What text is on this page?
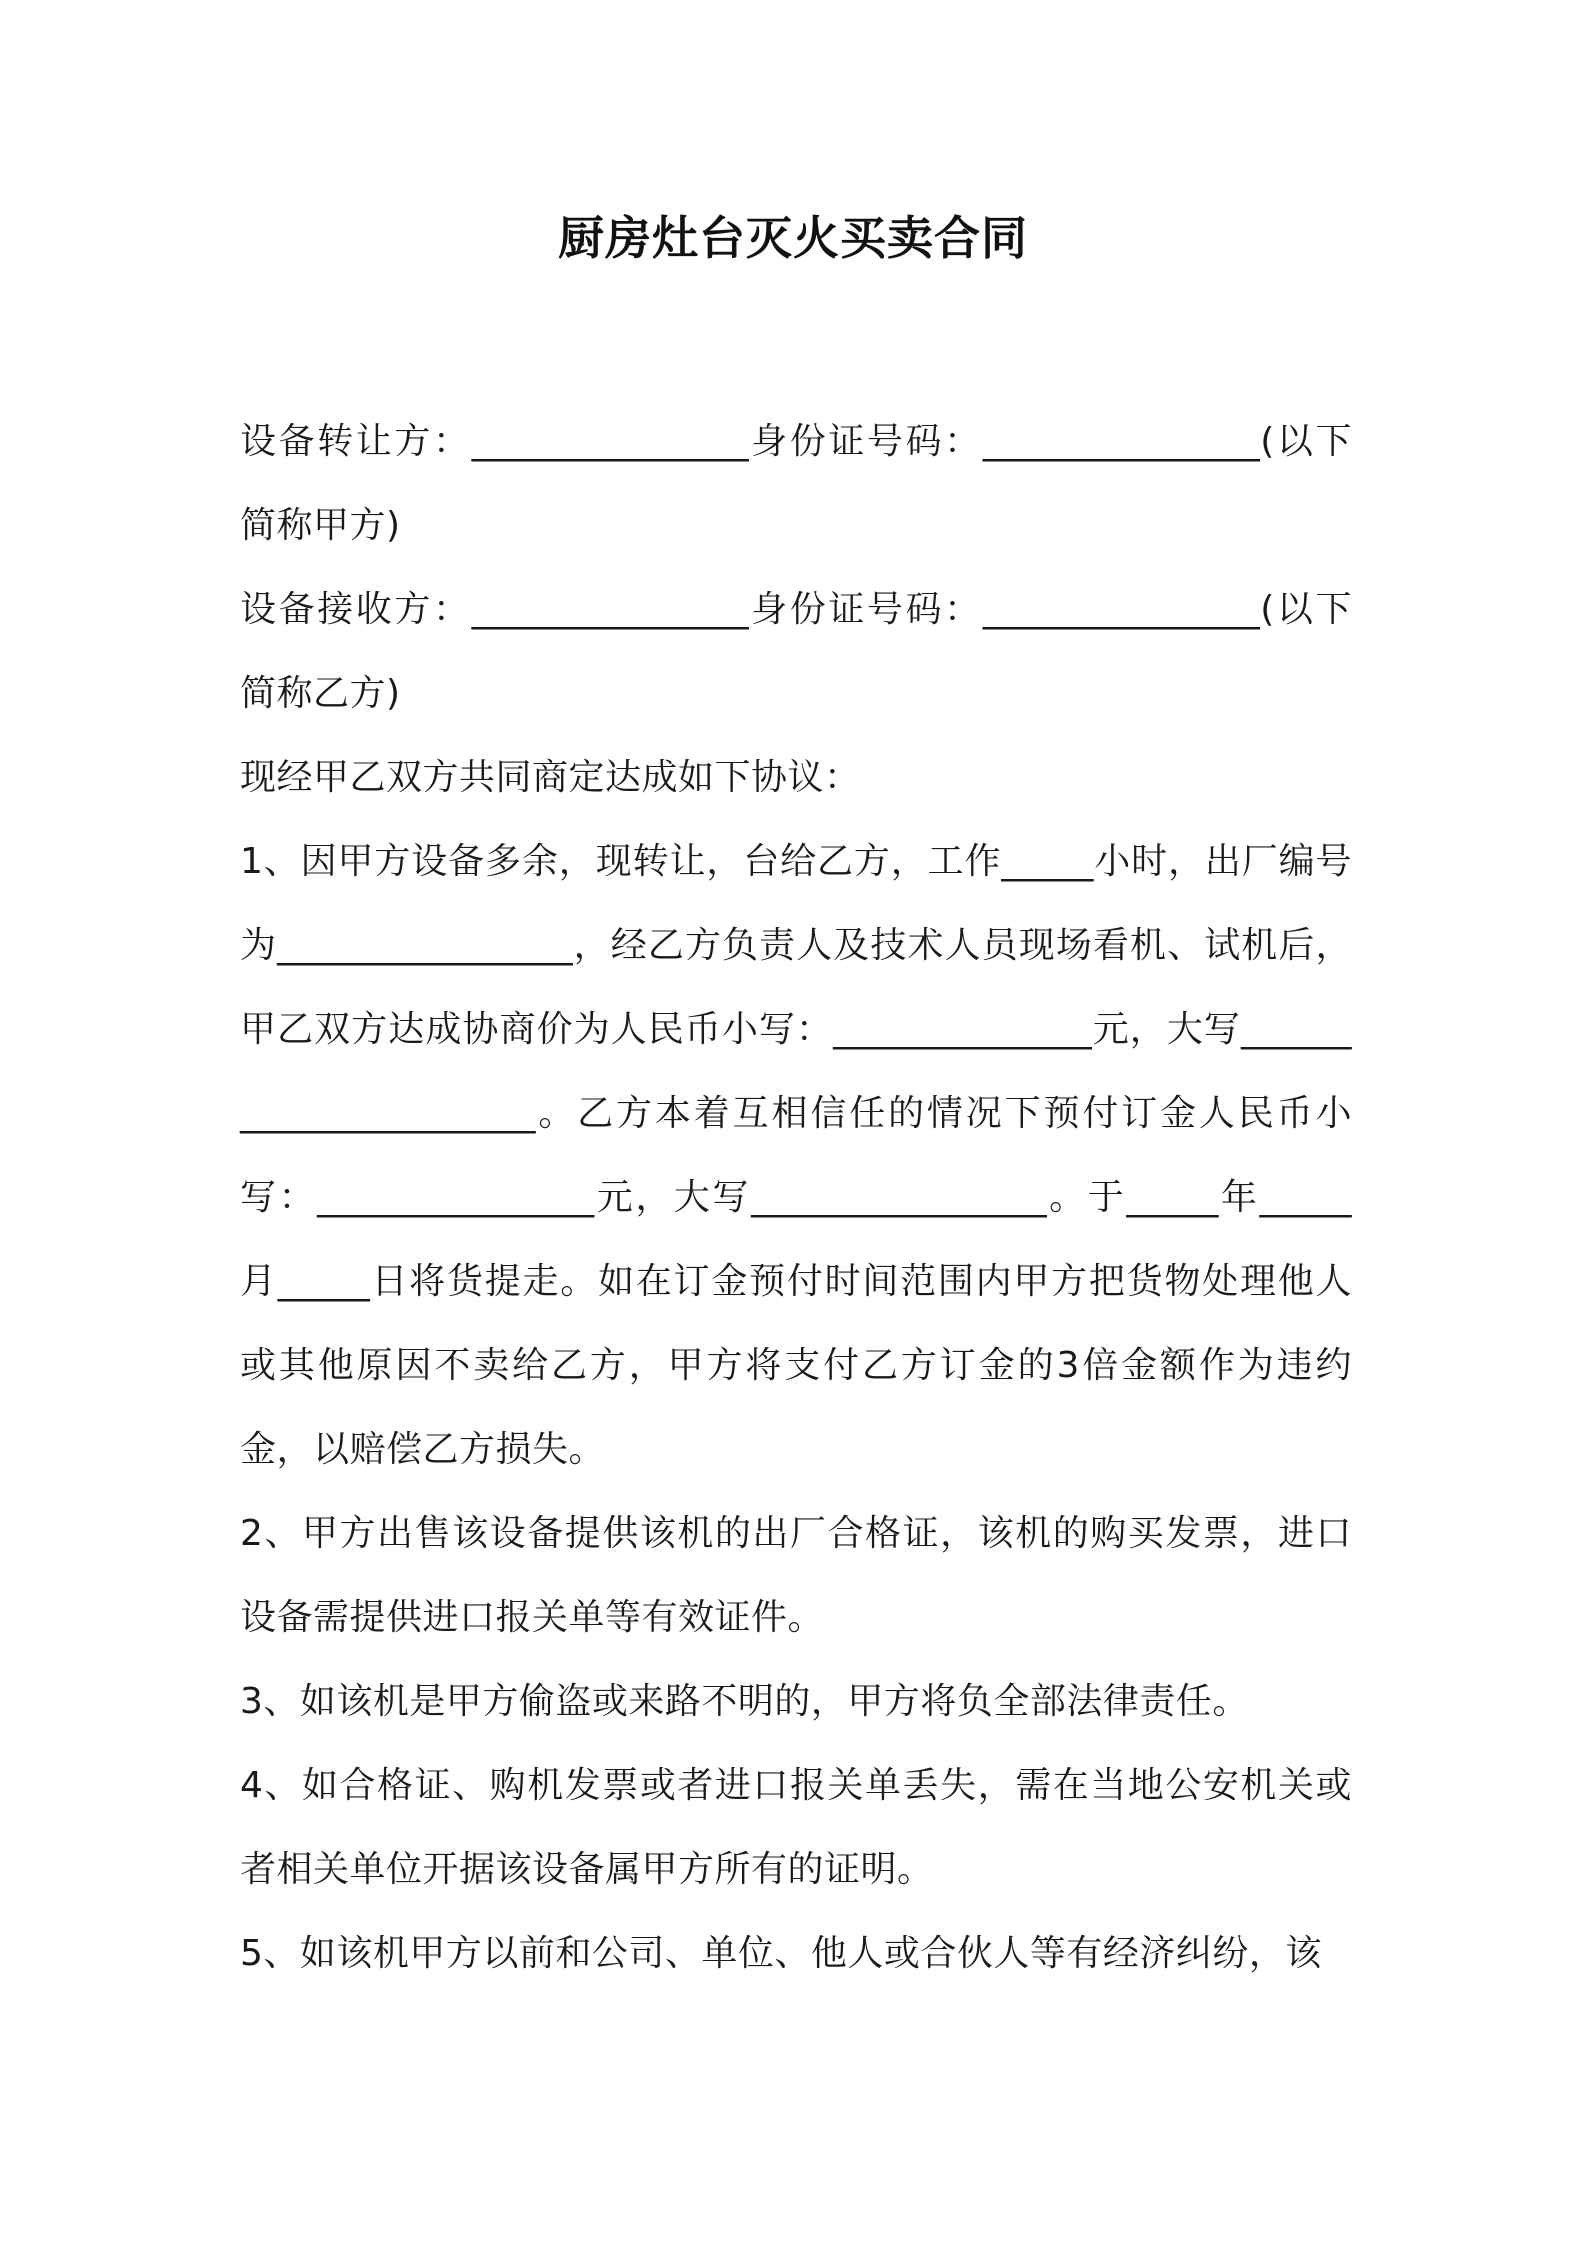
厨房灶台灭火买卖合同

设备转让方：_______________身份证号码：_______________(以下简称甲方)

设备接收方：_______________身份证号码：_______________(以下简称乙方)

现经甲乙双方共同商定达成如下协议：

1、因甲方设备多余，现转让，台给乙方，工作_____小时，出厂编号为________________，经乙方负责人及技术人员现场看机、试机后，甲乙双方达成协商价为人民币小写：______________元，大写______________________。乙方本着互相信任的情况下预付订金人民币小写：_______________元，大写________________。于_____年_____月_____日将货提走。如在订金预付时间范围内甲方把货物处理他人或其他原因不卖给乙方，甲方将支付乙方订金的3倍金额作为违约金，以赔偿乙方损失。

2、甲方出售该设备提供该机的出厂合格证，该机的购买发票，进口设备需提供进口报关单等有效证件。

3、如该机是甲方偷盗或来路不明的，甲方将负全部法律责任。

4、如合格证、购机发票或者进口报关单丢失，需在当地公安机关或者相关单位开据该设备属甲方所有的证明。

5、如该机甲方以前和公司、单位、他人或合伙人等有经济纠纷，该
